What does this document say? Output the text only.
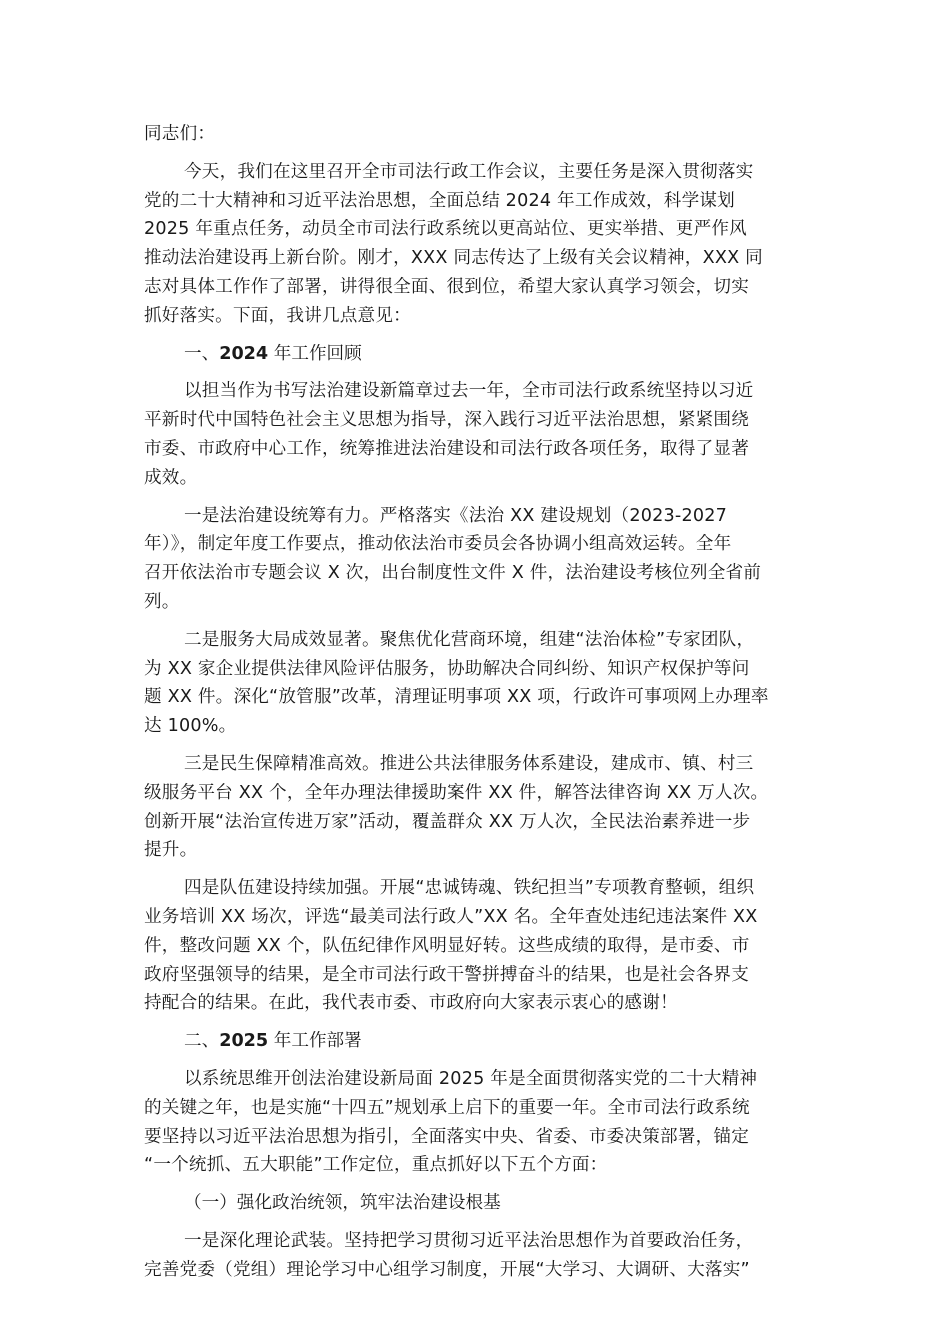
同志们：

今天，我们在这里召开全市司法行政工作会议，主要任务是深入贯彻落实

党的二十大精神和习近平法治思想，全面总结 2024 年工作成效，科学谋划

2025 年重点任务，动员全市司法行政系统以更高站位、更实举措、更严作风

推动法治建设再上新台阶。刚才，XXX 同志传达了上级有关会议精神，XXX 同

志对具体工作作了部署，讲得很全面、很到位，希望大家认真学习领会，切实

抓好落实。下面，我讲几点意见：

一、2024 年工作回顾

以担当作为书写法治建设新篇章过去一年，全市司法行政系统坚持以习近

平新时代中国特色社会主义思想为指导，深入践行习近平法治思想，紧紧围绕

市委、市政府中心工作，统筹推进法治建设和司法行政各项任务，取得了显著

成效。

一是法治建设统筹有力。严格落实《法治 XX 建设规划（2023-2027

年）》，制定年度工作要点，推动依法治市委员会各协调小组高效运转。全年

召开依法治市专题会议 X 次，出台制度性文件 X 件，法治建设考核位列全省前

列。

二是服务大局成效显著。聚焦优化营商环境，组建“法治体检”专家团队，

为 XX 家企业提供法律风险评估服务，协助解决合同纠纷、知识产权保护等问

题 XX 件。深化“放管服”改革，清理证明事项 XX 项，行政许可事项网上办理率

达 100%。

三是民生保障精准高效。推进公共法律服务体系建设，建成市、镇、村三

级服务平台 XX 个，全年办理法律援助案件 XX 件，解答法律咨询 XX 万人次。

创新开展“法治宣传进万家”活动，覆盖群众 XX 万人次，全民法治素养进一步

提升。

四是队伍建设持续加强。开展“忠诚铸魂、铁纪担当”专项教育整顿，组织

业务培训 XX 场次，评选“最美司法行政人”XX 名。全年查处违纪违法案件 XX

件，整改问题 XX 个，队伍纪律作风明显好转。这些成绩的取得，是市委、市

政府坚强领导的结果，是全市司法行政干警拼搏奋斗的结果，也是社会各界支

持配合的结果。在此，我代表市委、市政府向大家表示衷心的感谢！

二、2025 年工作部署

以系统思维开创法治建设新局面 2025 年是全面贯彻落实党的二十大精神

的关键之年，也是实施“十四五”规划承上启下的重要一年。全市司法行政系统

要坚持以习近平法治思想为指引，全面落实中央、省委、市委决策部署，锚定

“一个统抓、五大职能”工作定位，重点抓好以下五个方面：

（一）强化政治统领，筑牢法治建设根基

一是深化理论武装。坚持把学习贯彻习近平法治思想作为首要政治任务，

完善党委（党组）理论学习中心组学习制度，开展“大学习、大调研、大落实”
